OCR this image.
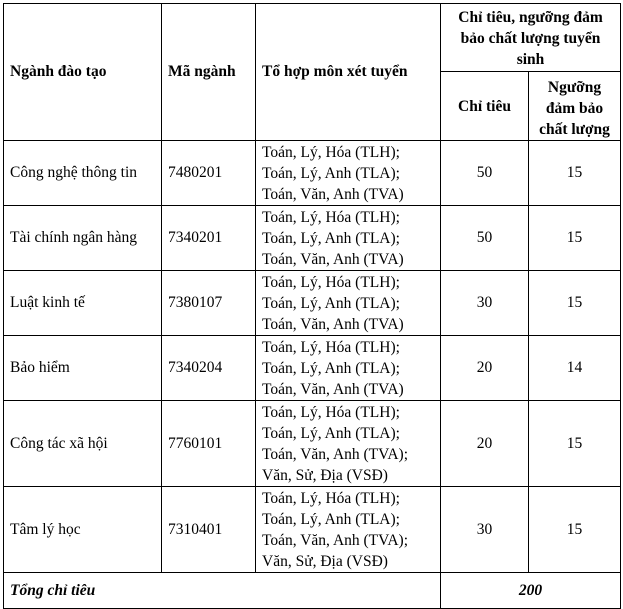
Ngành đào tạo	Mã ngành	Tổ hợp môn xét tuyển	Chỉ tiêu, ngưỡng đảm bảo chất lượng tuyển sinh	
			Chỉ tiêu	Ngưỡng đảm bảo chất lượng
Công nghệ thông tin	7480201	Toán, Lý, Hóa (TLH);
Toán, Lý, Anh (TLA);
Toán, Văn, Anh (TVA)	50	15
Tài chính ngân hàng	7340201	Toán, Lý, Hóa (TLH);
Toán, Lý, Anh (TLA);
Toán, Văn, Anh (TVA)	50	15
Luật kinh tế	7380107	Toán, Lý, Hóa (TLH);
Toán, Lý, Anh (TLA);
Toán, Văn, Anh (TVA)	30	15
Bảo hiểm	7340204	Toán, Lý, Hóa (TLH);
Toán, Lý, Anh (TLA);
Toán, Văn, Anh (TVA)	20	14
Công tác xã hội	7760101	Toán, Lý, Hóa (TLH);
Toán, Lý, Anh (TLA);
Toán, Văn, Anh (TVA);
Văn, Sử, Địa (VSĐ)	20	15
Tâm lý học	7310401	Toán, Lý, Hóa (TLH);
Toán, Lý, Anh (TLA);
Toán, Văn, Anh (TVA);
Văn, Sử, Địa (VSĐ)	30	15
Tổng chỉ tiêu			200	
